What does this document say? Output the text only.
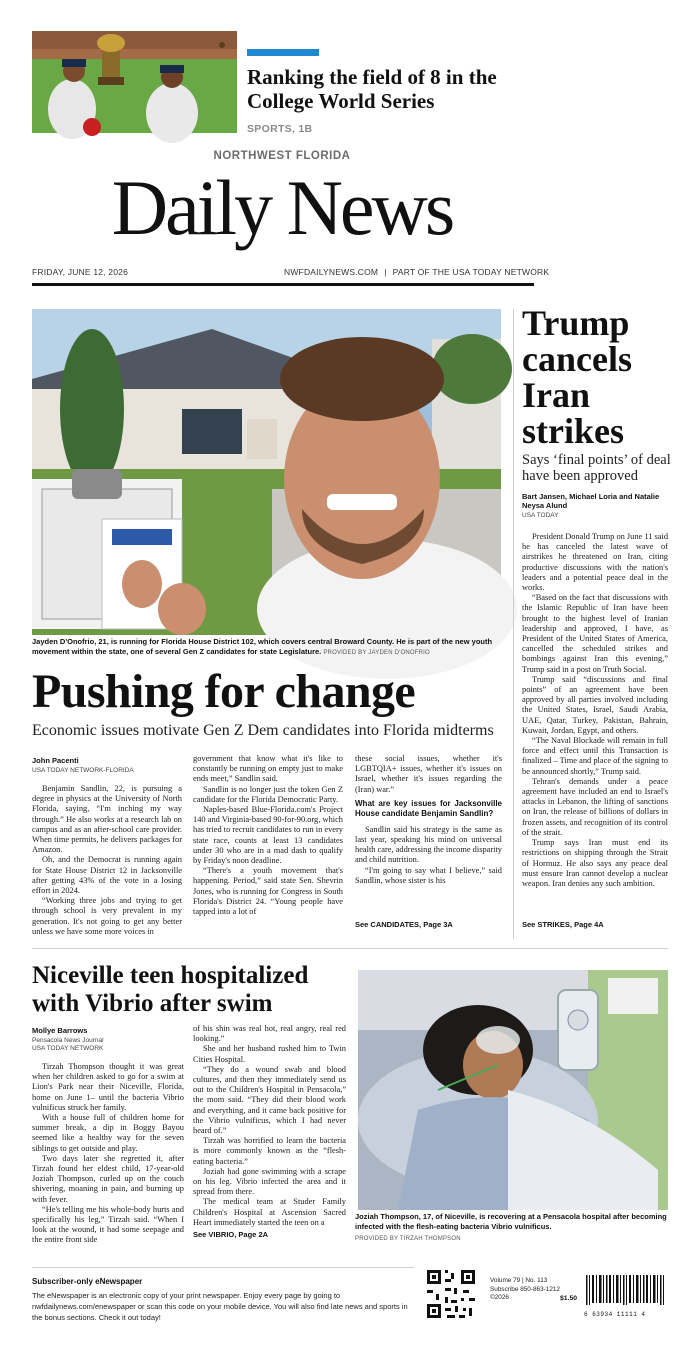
Ranking the field of 8 in the College World Series
SPORTS, 1B
NORTHWEST FLORIDA
Daily News
FRIDAY, JUNE 12, 2026	NWFDAILYNEWS.COM | PART OF THE USA TODAY NETWORK
Jayden D'Onofrio, 21, is running for Florida House District 102, which covers central Broward County. He is part of the new youth movement within the state, one of several Gen Z candidates for state Legislature. PROVIDED BY JAYDEN D'ONOFRIO
Pushing for change
Economic issues motivate Gen Z Dem candidates into Florida midterms
John Pacenti
USA TODAY NETWORK-FLORIDA

Benjamin Sandlin, 22, is pursuing a degree in physics at the University of North Florida, saying, “I'm inching my way through.” He also works at a research lab on campus and as an after-school care provider. When time permits, he delivers packages for Amazon.

Oh, and the Democrat is running again for State House District 12 in Jacksonville after getting 43% of the vote in a losing effort in 2024.

“Working three jobs and trying to get through school is very prevalent in my generation. It's not going to get any better unless we have some more voices in

government that know what it's like to constantly be running on empty just to make ends meet,” Sandlin said.

Sandlin is no longer just the token Gen Z candidate for the Florida Democratic Party.

Naples-based Blue-Florida.com's Project 140 and Virginia-based 90-for-90.org, which has tried to recruit candidates to run in every state race, counts at least 13 candidates under 30 who are in a mad dash to qualify by Friday's noon deadline.

“There's a youth movement that's happening. Period,” said state Sen. Shevrin Jones, who is running for Congress in South Florida's District 24. “Young people have tapped into a lot of

these social issues, whether it's LGBTQIA+ issues, whether it's issues on Israel, whether it's issues regarding the (Iran) war.”

What are key issues for Jacksonville House candidate Benjamin Sandlin?

Sandlin said his strategy is the same as last year, speaking his mind on universal health care, addressing the income disparity and child nutrition.

“I'm going to say what I believe,” said Sandlin, whose sister is his

See CANDIDATES, Page 3A
Trump cancels Iran strikes
Says ‘final points’ of deal have been approved
Bart Jansen, Michael Loria and Natalie Neysa Alund
USA TODAY

President Donald Trump on June 11 said he has canceled the latest wave of airstrikes he threatened on Iran, citing productive discussions with the nation's leaders and a potential peace deal in the works.

“Based on the fact that discussions with the Islamic Republic of Iran have been brought to the highest level of Iranian leadership and approved, I have, as President of the United States of America, cancelled the scheduled strikes and bombings against Iran this evening,” Trump said in a post on Truth Social.

Trump said “discussions and final points” of an agreement have been approved by all parties involved including the United States, Israel, Saudi Arabia, UAE, Qatar, Turkey, Pakistan, Bahrain, Kuwait, Jordan, Egypt, and others.

“The Naval Blockade will remain in full force and effect until this Transaction is finalized – Time and place of the signing to be announced shortly,” Trump said.

Tehran's demands under a peace agreement have included an end to Israel's attacks in Lebanon, the lifting of sanctions on Iran, the release of billions of dollars in frozen assets, and recognition of its control of the strait.

Trump says Iran must end its restrictions on shipping through the Strait of Hormuz. He also says any peace deal must ensure Iran cannot develop a nuclear weapon. Iran denies any such ambition.

See STRIKES, Page 4A
Niceville teen hospitalized with Vibrio after swim
Mollye Barrows
Pensacola News Journal
USA TODAY NETWORK

Tirzah Thompson thought it was great when her children asked to go for a swim at Lion's Park near their Niceville, Florida, home on June 1– until the bacteria Vibrio vulnificus struck her family.

With a house full of children home for summer break, a dip in Boggy Bayou seemed like a healthy way for the seven siblings to get outside and play.

Two days later she regretted it, after Tirzah found her eldest child, 17-year-old Joziah Thompson, curled up on the couch shivering, moaning in pain, and burning up with fever.

“He's telling me his whole-body hurts and specifically his leg,” Tirzah said. “When I look at the wound, it had some seepage and the entire front side

of his shin was real hot, real angry, real red looking.”

She and her husband rushed him to Twin Cities Hospital.

“They do a wound swab and blood cultures, and then they immediately send us out to the Children's Hospital in Pensacola,” the mom said. “They did their blood work and everything, and it came back positive for the Vibrio vulnificus, which I had never heard of.”

Tirzah was horrified to learn the bacteria is more commonly known as the “flesh-eating bacteria.”

Joziah had gone swimming with a scrape on his leg. Vibrio infected the area and it spread from there.

The medical team at Studer Family Children's Hospital at Ascension Sacred Heart immediately started the teen on a

See VIBRIO, Page 2A
Joziah Thompson, 17, of Niceville, is recovering at a Pensacola hospital after becoming infected with the flesh-eating bacteria Vibrio vulnificus.
PROVIDED BY TIRZAH THOMPSON
Subscriber-only eNewspaper
The eNewspaper is an electronic copy of your print newspaper. Enjoy every page by going to nwfdailynews.com/enewspaper or scan this code on your mobile device. You will also find late news and sports in the bonus sections. Check it out today!
Volume 79 | No. 113
Subscribe 850-863-1212
©2026	$1.50
6 63934 11111 4
